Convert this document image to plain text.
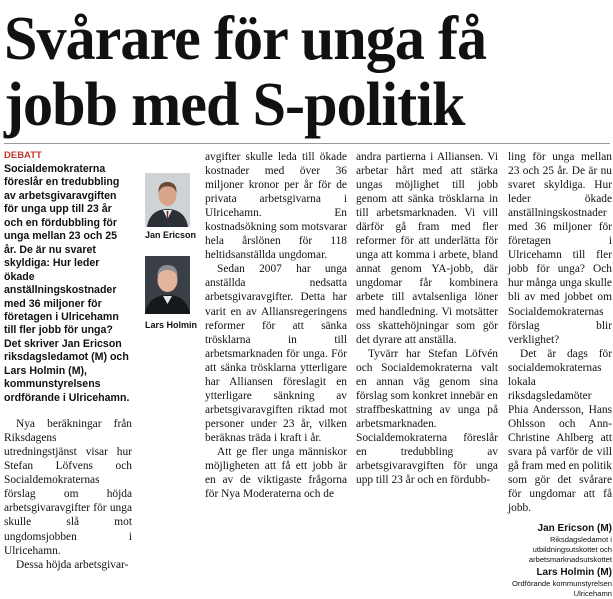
Svårare för unga få jobb med S-politik
DEBATT

Socialdemokraterna föreslår en tredubbling av arbetsgivaravgiften för unga upp till 23 år och en fördubbling för unga mellan 23 och 25 år. De är nu svaret skyldiga: Hur leder ökade anställningskostnader med 36 miljoner för företagen i Ulricehamn till fler jobb för unga? Det skriver Jan Ericson riksdagsledamot (M) och Lars Holmin (M), kommunstyrelsens ordförande i Ulricehamn.

Nya beräkningar från Riksdagens utredningstjänst visar hur Stefan Löfvens och Socialdemokraternas förslag om höjda arbetsgivaravgifter för unga skulle slå mot ungdomsjobben i Ulricehamn.

Dessa höjda arbetsgivar-

Jan Ericson
Lars Holmin

avgifter skulle leda till ökade kostnader med över 36 miljoner kronor per år för de privata arbetsgivarna i Ulricehamn. En kostnadsökning som motsvarar hela årslönen för 118 heltidsanställda ungdomar.

Sedan 2007 har unga anställda nedsatta arbetsgivaravgifter. Detta har varit en av Alliansregeringens reformer för att sänka trösklarna in till arbetsmarknaden för unga. För att sänka trösklarna ytterligare har Alliansen föreslagit en ytterligare sänkning av arbetsgivaravgiften riktad mot personer under 23 år, vilken beräknas träda i kraft i år.

Att ge fler unga människor möjligheten att få ett jobb är en av de viktigaste frågorna för Nya Moderaterna och de

andra partierna i Alliansen. Vi arbetar hårt med att stärka ungas möjlighet till jobb genom att sänka trösklarna in till arbetsmarknaden. Vi vill därför gå fram med fler reformer för att underlätta för unga att komma i arbete, bland annat genom YA-jobb, där ungdomar får kombinera arbete till avtalsenliga löner med handledning. Vi motsätter oss skattehöjningar som gör det dyrare att anställa.

Tyvärr har Stefan Löfvén och Socialdemokraterna valt en annan väg genom sina förslag som konkret innebär en straffbeskattning av unga på arbetsmarknaden. Socialdemokraterna föreslår en tredubbling av arbetsgivaravgiften för unga upp till 23 år och en fördubb-

ling för unga mellan 23 och 25 år. De är nu svaret skyldiga. Hur leder ökade anställningskostnader med 36 miljoner för företagen i Ulricehamn till fler jobb för unga? Och hur många unga skulle bli av med jobbet om Socialdemokraternas förslag blir verklighet?

Det är dags för socialdemokraternas lokala riksdagsledamöter Phia Andersson, Hans Ohlsson och Ann-Christine Ahlberg att svara på varför de vill gå fram med en politik som gör det svårare för ungdomar att få jobb.

Jan Ericson (M)
Riksdagsledamot i utbildningsutskottet och arbetsmarknadsutskottet
Lars Holmin (M)
Ordförande kommunstyrelsen Ulricehamn
